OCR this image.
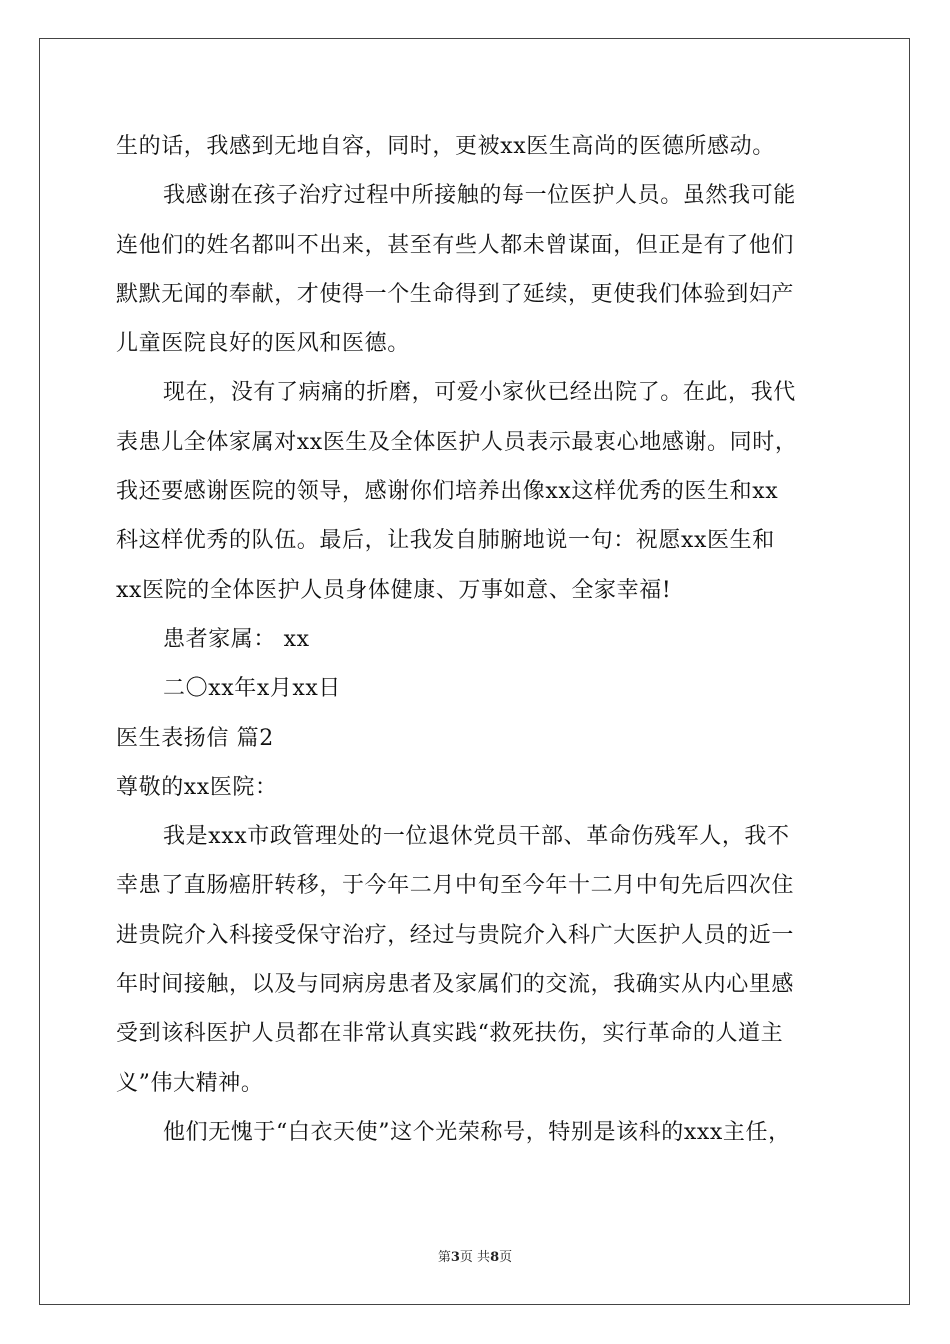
生的话，我感到无地自容，同时，更被xx医生高尚的医德所感动。
我感谢在孩子治疗过程中所接触的每一位医护人员。虽然我可能
连他们的姓名都叫不出来，甚至有些人都未曾谋面，但正是有了他们
默默无闻的奉献，才使得一个生命得到了延续，更使我们体验到妇产
儿童医院良好的医风和医德。
现在，没有了病痛的折磨，可爱小家伙已经出院了。在此，我代
表患儿全体家属对xx医生及全体医护人员表示最衷心地感谢。同时，
我还要感谢医院的领导，感谢你们培养出像xx这样优秀的医生和xx
科这样优秀的队伍。最后，让我发自肺腑地说一句：祝愿xx医生和
xx医院的全体医护人员身体健康、万事如意、全家幸福!
患者家属： xx
二〇xx年x月xx日
医生表扬信 篇2
尊敬的xx医院：
我是xxx市政管理处的一位退休党员干部、革命伤残军人，我不
幸患了直肠癌肝转移，于今年二月中旬至今年十二月中旬先后四次住
进贵院介入科接受保守治疗，经过与贵院介入科广大医护人员的近一
年时间接触，以及与同病房患者及家属们的交流，我确实从内心里感
受到该科医护人员都在非常认真实践“救死扶伤，实行革命的人道主
义”伟大精神。
他们无愧于“白衣天使”这个光荣称号，特别是该科的xxx主任，
第3页 共8页
